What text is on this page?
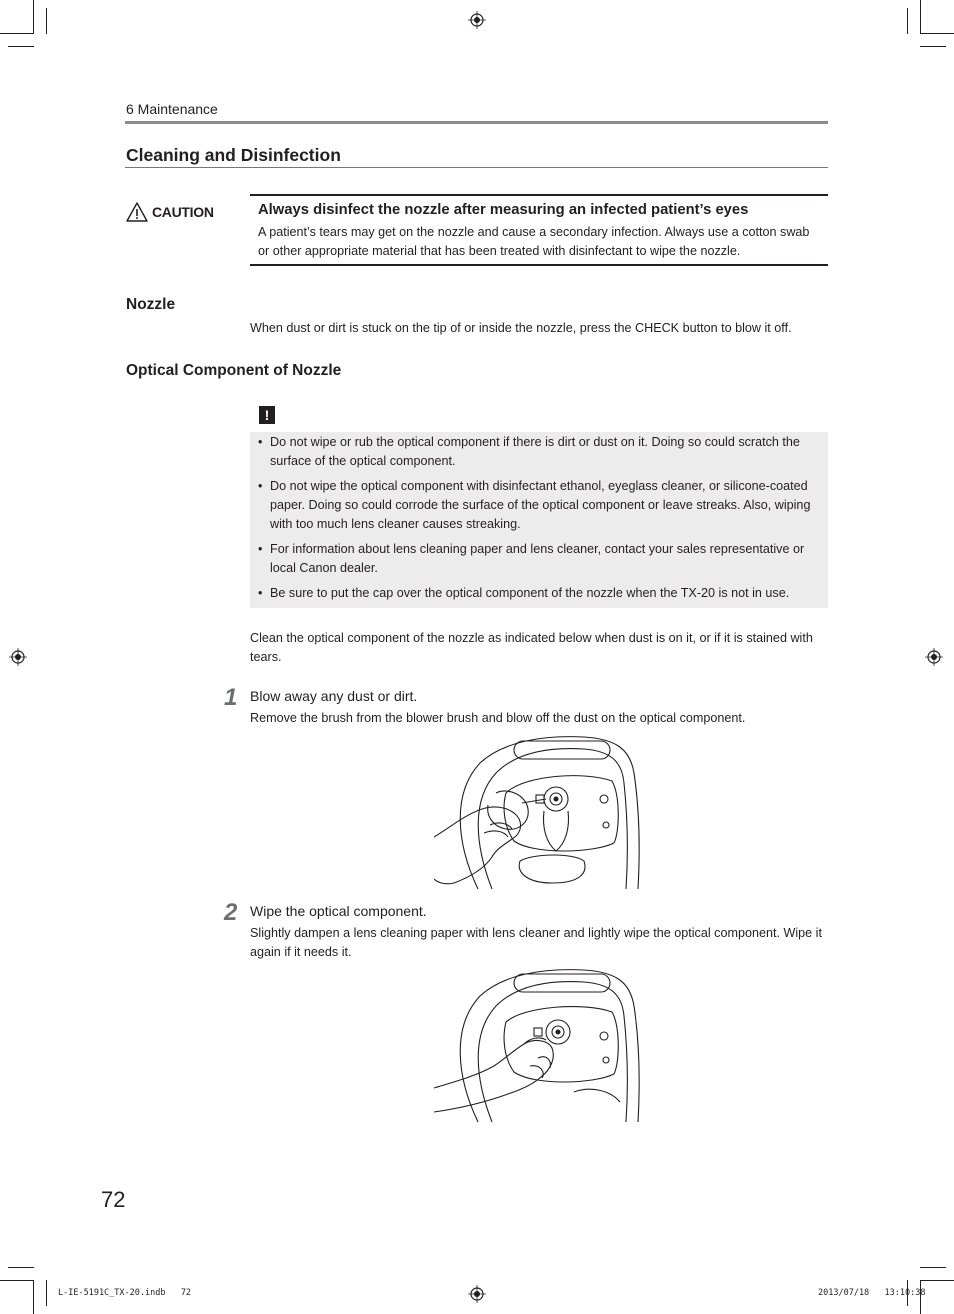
6 Maintenance
Cleaning and Disinfection
CAUTION	Always disinfect the nozzle after measuring an infected patient’s eyes
A patient’s tears may get on the nozzle and cause a secondary infection. Always use a cotton swab or other appropriate material that has been treated with disinfectant to wipe the nozzle.
Nozzle
When dust or dirt is stuck on the tip of or inside the nozzle, press the CHECK button to blow it off.
Optical Component of Nozzle
!
• Do not wipe or rub the optical component if there is dirt or dust on it. Doing so could scratch the surface of the optical component.
• Do not wipe the optical component with disinfectant ethanol, eyeglass cleaner, or silicone-coated paper. Doing so could corrode the surface of the optical component or leave streaks. Also, wiping with too much lens cleaner causes streaking.
• For information about lens cleaning paper and lens cleaner, contact your sales representative or local Canon dealer.
• Be sure to put the cap over the optical component of the nozzle when the TX-20 is not in use.
Clean the optical component of the nozzle as indicated below when dust is on it, or if it is stained with tears.
1 Blow away any dust or dirt.
Remove the brush from the blower brush and blow off the dust on the optical component.
2 Wipe the optical component.
Slightly dampen a lens cleaning paper with lens cleaner and lightly wipe the optical component. Wipe it again if it needs it.
72
L-IE-5191C_TX-20.indb   72	2013/07/18   13:10:38
